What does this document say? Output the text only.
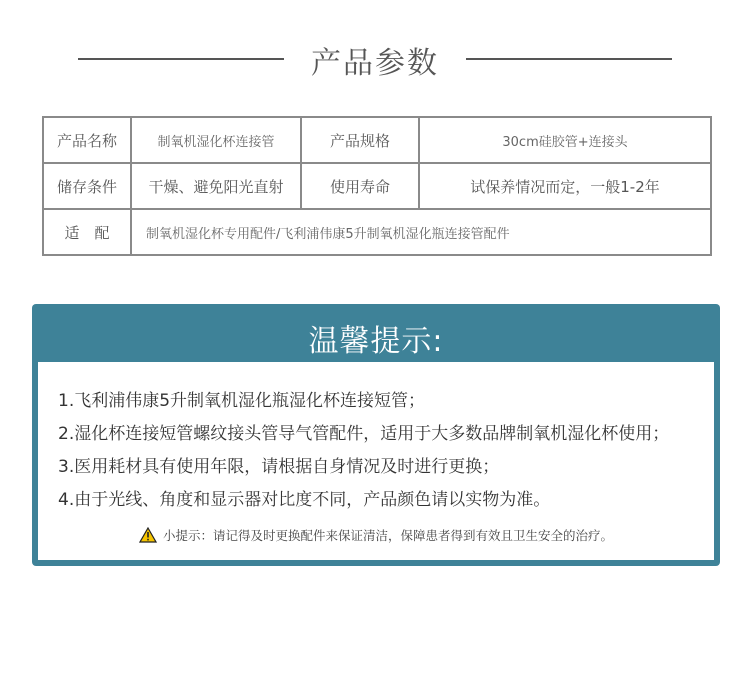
产品参数
产品名称	制氧机湿化杯连接管	产品规格	30cm硅胶管+连接头
储存条件	干燥、避免阳光直射	使用寿命	试保养情况而定，一般1-2年
适　配	制氧机湿化杯专用配件/飞利浦伟康5升制氧机湿化瓶连接管配件		
温馨提示:
1.飞利浦伟康5升制氧机湿化瓶湿化杯连接短管；
2.湿化杯连接短管螺纹接头管导气管配件，适用于大多数品牌制氧机湿化杯使用；
3.医用耗材具有使用年限，请根据自身情况及时进行更换；
4.由于光线、角度和显示器对比度不同，产品颜色请以实物为准。
小提示：请记得及时更换配件来保证清洁，保障患者得到有效且卫生安全的治疗。
